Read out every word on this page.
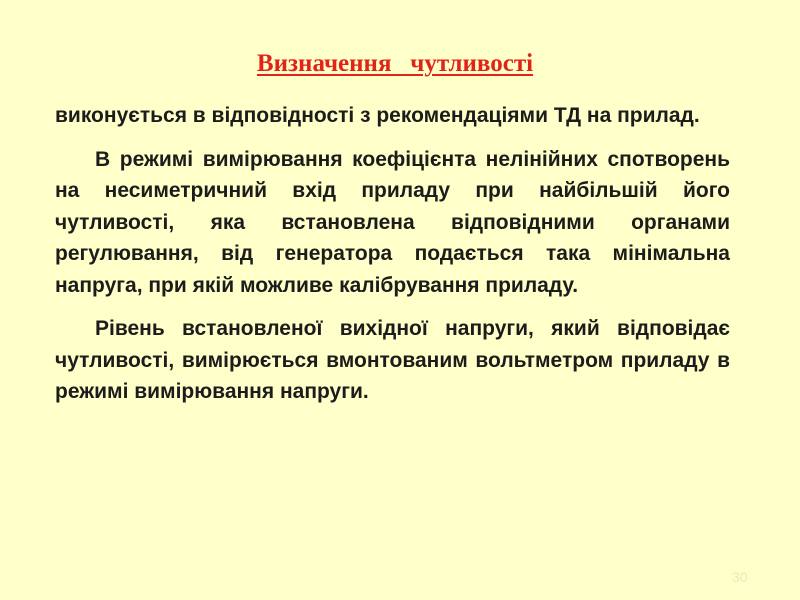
Визначення   чутливості

виконується в відповідності з рекомендаціями ТД на прилад.

В режимі вимірювання коефіцієнта нелінійних спотворень на несиметричний вхід приладу при найбільшій його чутливості, яка встановлена відповідними органами регулювання, від генератора подається така мінімальна напруга, при якій можливе калібрування приладу.

Рівень встановленої вихідної напруги, який відповідає чутливості, вимірюється вмонтованим вольтметром приладу в режимі вимірювання напруги.

30
